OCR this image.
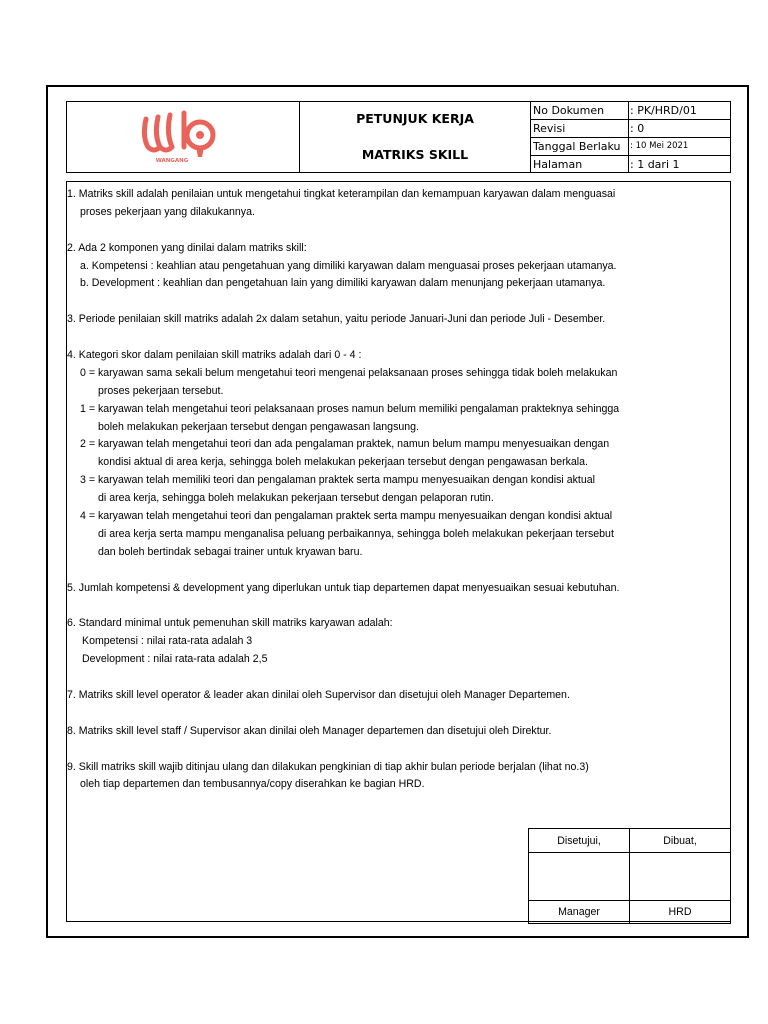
WANGANG
PETUNJUK KERJA
MATRIKS SKILL
No Dokumen	: PK/HRD/01
Revisi	: 0
Tanggal Berlaku	: 10 Mei 2021
Halaman	: 1 dari 1
1. Matriks skill adalah penilaian untuk mengetahui tingkat keterampilan dan kemampuan karyawan dalam menguasai
proses pekerjaan yang dilakukannya.
2. Ada 2 komponen yang dinilai dalam matriks skill:
a. Kompetensi : keahlian atau pengetahuan yang dimiliki karyawan dalam menguasai proses pekerjaan utamanya.
b. Development : keahlian dan pengetahuan lain yang dimiliki karyawan dalam menunjang pekerjaan utamanya.
3. Periode penilaian skill matriks adalah 2x dalam setahun, yaitu periode Januari-Juni dan periode Juli - Desember.
4. Kategori skor dalam penilaian skill matriks adalah dari 0 - 4 :
0 = karyawan sama sekali belum mengetahui teori mengenai pelaksanaan proses sehingga tidak boleh melakukan
proses pekerjaan tersebut.
1 = karyawan telah mengetahui teori pelaksanaan proses namun belum memiliki pengalaman prakteknya sehingga
boleh melakukan pekerjaan tersebut dengan pengawasan langsung.
2 = karyawan telah mengetahui teori dan ada pengalaman praktek, namun belum mampu menyesuaikan dengan
kondisi aktual di area kerja, sehingga boleh melakukan pekerjaan tersebut dengan pengawasan berkala.
3 = karyawan telah memiliki teori dan pengalaman praktek serta mampu menyesuaikan dengan kondisi aktual
di area kerja, sehingga boleh melakukan pekerjaan tersebut dengan pelaporan rutin.
4 = karyawan telah mengetahui teori dan pengalaman praktek serta mampu menyesuaikan dengan kondisi aktual
di area kerja serta mampu menganalisa peluang perbaikannya, sehingga boleh melakukan pekerjaan tersebut
dan boleh bertindak sebagai trainer untuk kryawan baru.
5. Jumlah kompetensi & development yang diperlukan untuk tiap departemen dapat menyesuaikan sesuai kebutuhan.
6. Standard minimal untuk pemenuhan skill matriks karyawan adalah:
Kompetensi : nilai rata-rata adalah 3
Development : nilai rata-rata adalah 2,5
7. Matriks skill level operator & leader akan dinilai oleh Supervisor dan disetujui oleh Manager Departemen.
8. Matriks skill level staff / Supervisor akan dinilai oleh Manager departemen dan disetujui oleh Direktur.
9. Skill matriks skill wajib ditinjau ulang dan dilakukan pengkinian di tiap akhir bulan periode berjalan (lihat no.3)
oleh tiap departemen dan tembusannya/copy diserahkan ke bagian HRD.
Disetujui,	Dibuat,

Manager	HRD
